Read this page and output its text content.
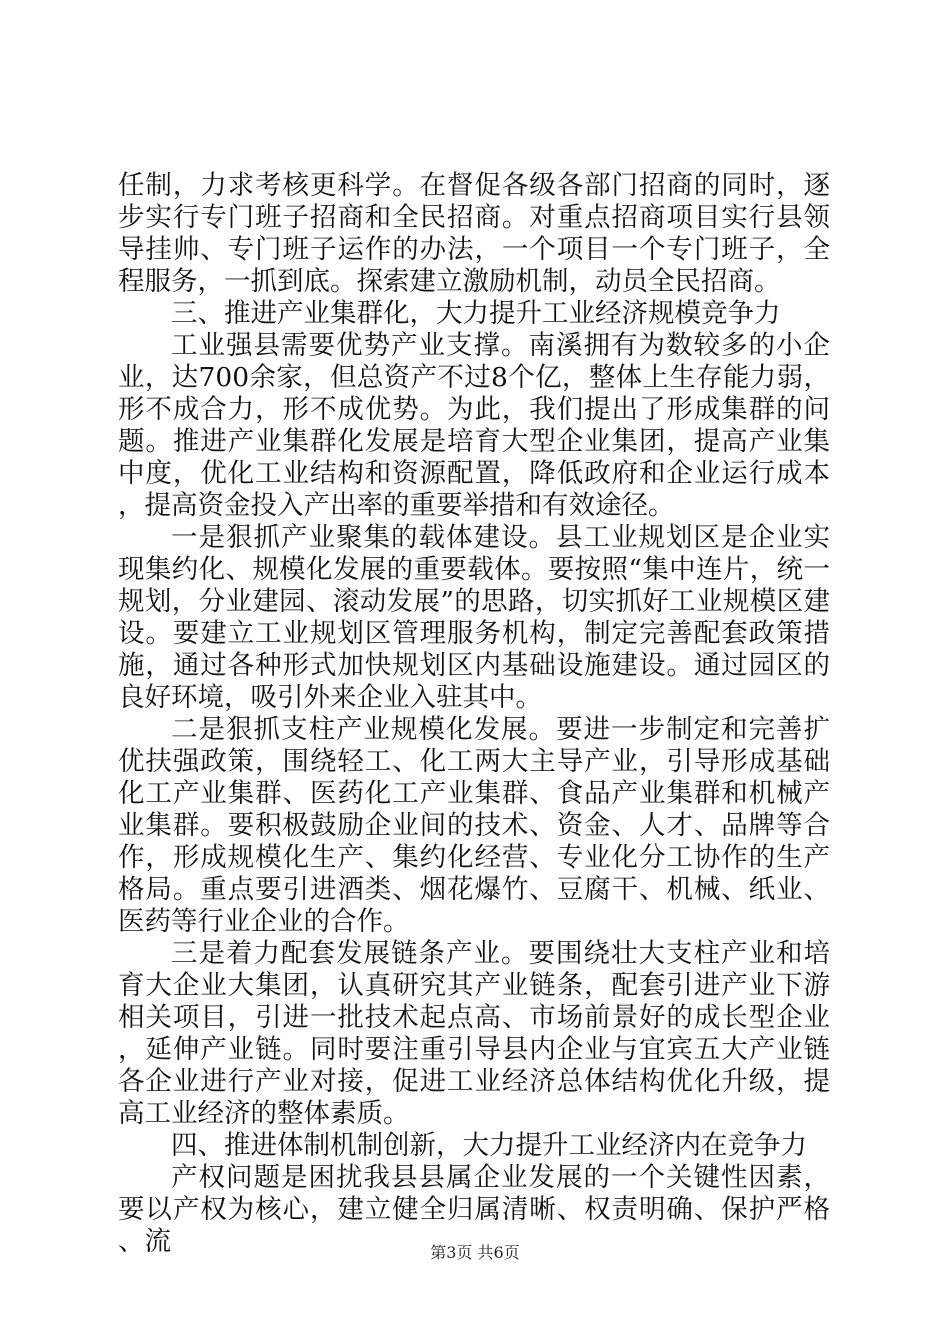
任制，力求考核更科学。在督促各级各部门招商的同时，逐步实行专门班子招商和全民招商。对重点招商项目实行县领导挂帅、专门班子运作的办法，一个项目一个专门班子，全程服务，一抓到底。探索建立激励机制，动员全民招商。

三、推进产业集群化，大力提升工业经济规模竞争力

工业强县需要优势产业支撑。南溪拥有为数较多的小企业，达700余家，但总资产不过8个亿，整体上生存能力弱，形不成合力，形不成优势。为此，我们提出了形成集群的问题。推进产业集群化发展是培育大型企业集团，提高产业集中度，优化工业结构和资源配置，降低政府和企业运行成本，提高资金投入产出率的重要举措和有效途径。

一是狠抓产业聚集的载体建设。县工业规划区是企业实现集约化、规模化发展的重要载体。要按照“集中连片，统一规划，分业建园、滚动发展”的思路，切实抓好工业规模区建设。要建立工业规划区管理服务机构，制定完善配套政策措施，通过各种形式加快规划区内基础设施建设。通过园区的良好环境，吸引外来企业入驻其中。

二是狠抓支柱产业规模化发展。要进一步制定和完善扩优扶强政策，围绕轻工、化工两大主导产业，引导形成基础化工产业集群、医药化工产业集群、食品产业集群和机械产业集群。要积极鼓励企业间的技术、资金、人才、品牌等合作，形成规模化生产、集约化经营、专业化分工协作的生产格局。重点要引进酒类、烟花爆竹、豆腐干、机械、纸业、医药等行业企业的合作。

三是着力配套发展链条产业。要围绕壮大支柱产业和培育大企业大集团，认真研究其产业链条，配套引进产业下游相关项目，引进一批技术起点高、市场前景好的成长型企业，延伸产业链。同时要注重引导县内企业与宜宾五大产业链各企业进行产业对接，促进工业经济总体结构优化升级，提高工业经济的整体素质。

四、推进体制机制创新，大力提升工业经济内在竞争力

产权问题是困扰我县县属企业发展的一个关键性因素，要以产权为核心，建立健全归属清晰、权责明确、保护严格、流	第3页 共6页
